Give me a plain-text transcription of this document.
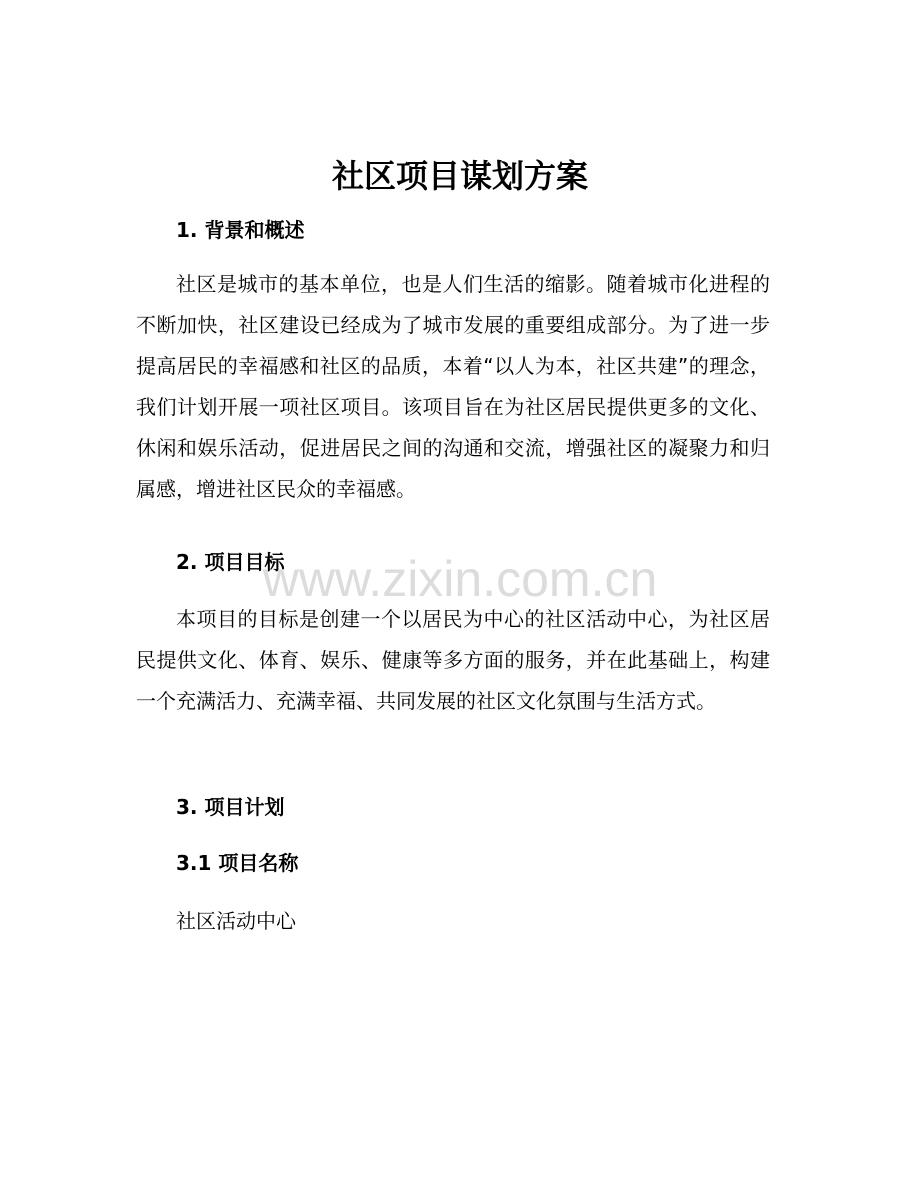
www.zixin.com.cn
社区项目谋划方案
1. 背景和概述

社区是城市的基本单位，也是人们生活的缩影。随着城市化进程的不断加快，社区建设已经成为了城市发展的重要组成部分。为了进一步提高居民的幸福感和社区的品质，本着“以人为本，社区共建”的理念，我们计划开展一项社区项目。该项目旨在为社区居民提供更多的文化、休闲和娱乐活动，促进居民之间的沟通和交流，增强社区的凝聚力和归属感，增进社区民众的幸福感。

2. 项目目标

本项目的目标是创建一个以居民为中心的社区活动中心，为社区居民提供文化、体育、娱乐、健康等多方面的服务，并在此基础上，构建一个充满活力、充满幸福、共同发展的社区文化氛围与生活方式。

3. 项目计划
3.1 项目名称

社区活动中心
